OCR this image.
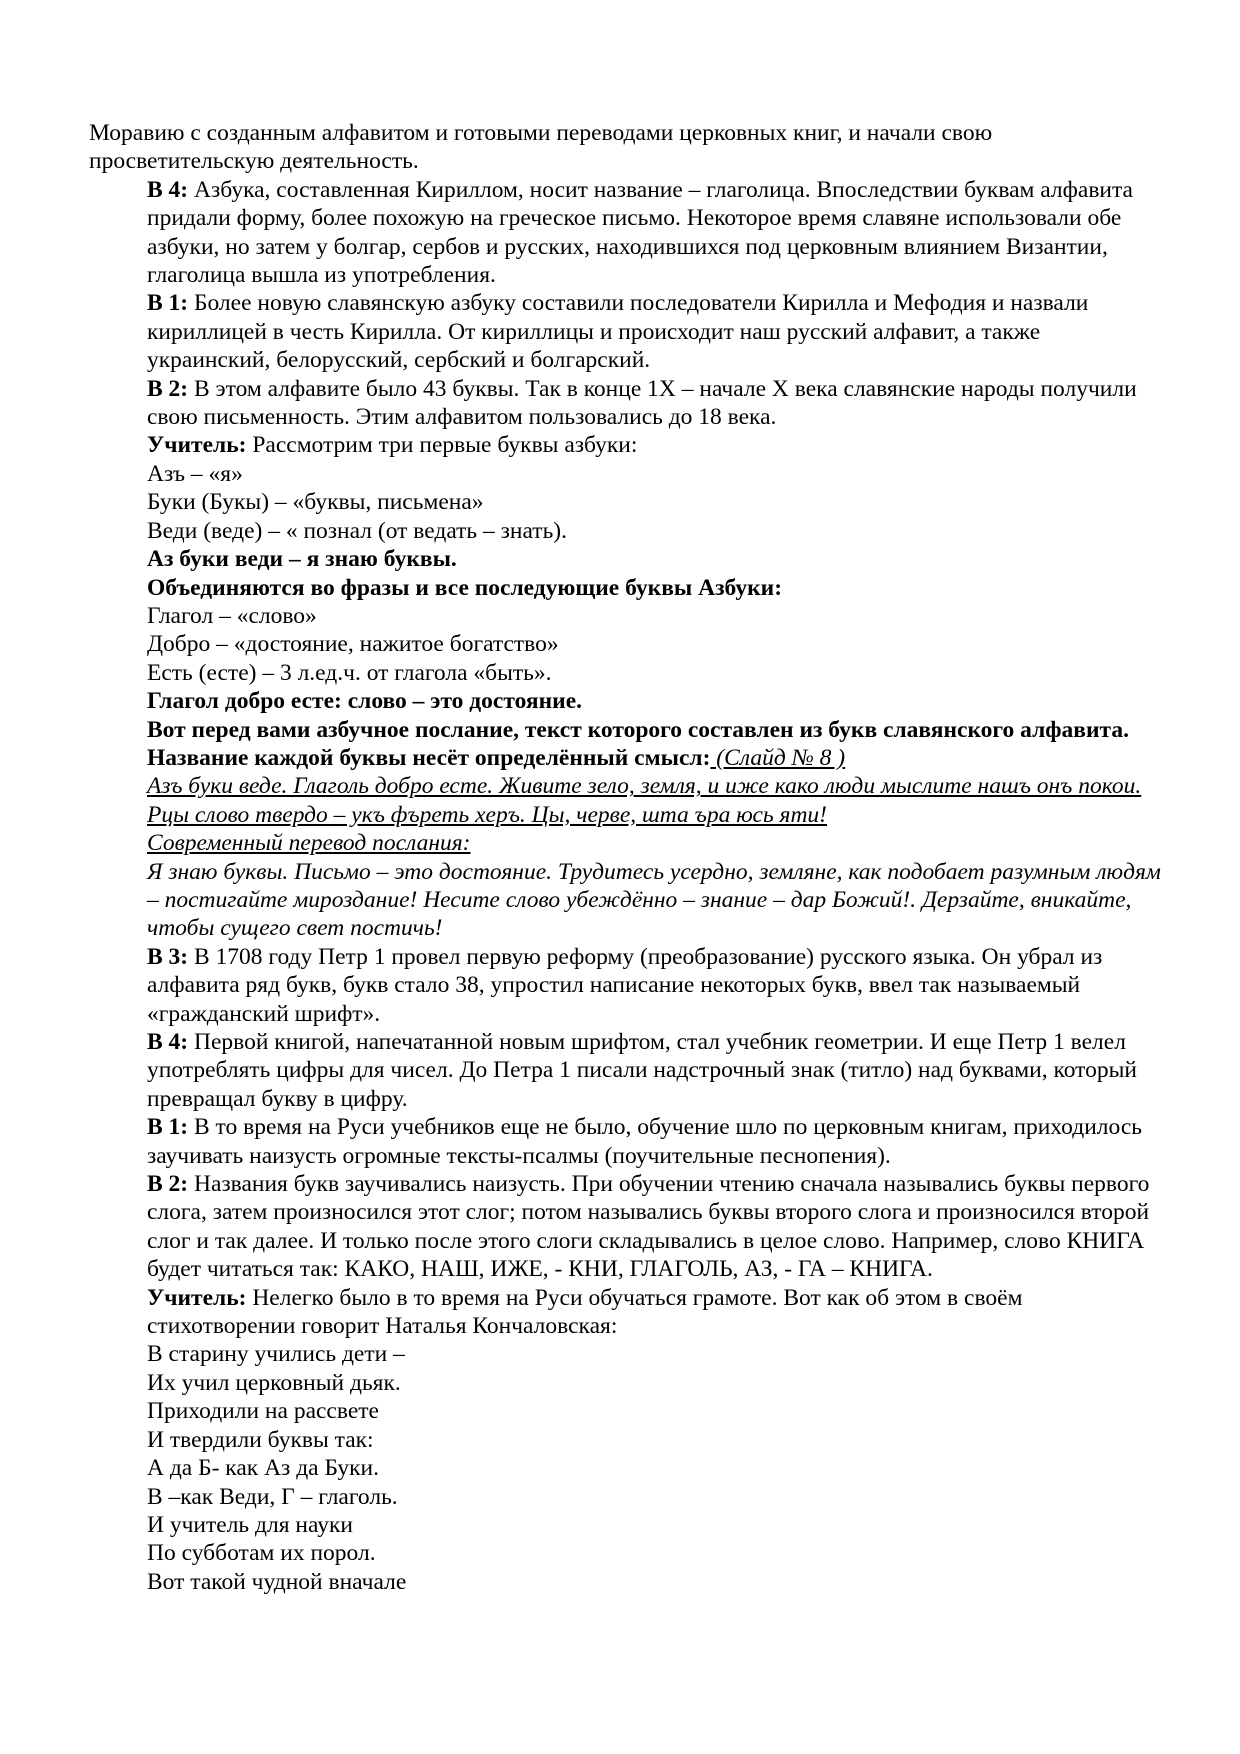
Моравию с созданным алфавитом и готовыми переводами церковных книг, и начали свою просветительскую деятельность.

В 4: Азбука, составленная Кириллом, носит название – глаголица. Впоследствии буквам алфавита придали форму, более похожую на греческое письмо. Некоторое время славяне использовали обе азбуки, но затем у болгар, сербов и русских, находившихся под церковным влиянием Византии, глаголица вышла из употребления.

В 1: Более новую славянскую азбуку составили последователи Кирилла и Мефодия и назвали кириллицей в честь Кирилла. От кириллицы и происходит наш русский алфавит, а также украинский, белорусский, сербский и болгарский.

В 2: В этом алфавите было 43 буквы. Так в конце 1Х – начале Х века славянские народы получили свою письменность. Этим алфавитом пользовались до 18 века.

Учитель: Рассмотрим три первые буквы азбуки:

Азъ – «я»

Буки (Букы) – «буквы, письмена»

Веди (веде) – « познал (от ведать – знать).

Аз буки веди – я знаю буквы.

Объединяются во фразы и все последующие буквы Азбуки:

Глагол – «слово»

Добро – «достояние, нажитое богатство»

Есть (есте) – 3 л.ед.ч. от глагола «быть».

Глагол добро есте: слово – это достояние.

Вот перед вами азбучное послание, текст которого составлен из букв славянского алфавита. Название каждой буквы несёт определённый смысл: (Слайд № 8 )

Азъ буки веде. Глаголь добро есте. Живите зело, земля, и иже како люди мыслите нашъ онъ покои. Рцы слово твердо – укъ фъреть херъ. Цы, черве, шта ъра юсь яти!

Современный перевод послания:

Я знаю буквы. Письмо – это достояние. Трудитесь усердно, земляне, как подобает разумным людям – постигайте мироздание! Несите слово убеждённо – знание – дар Божий!. Дерзайте, вникайте, чтобы сущего свет постичь!

В 3: В 1708 году Петр 1 провел первую реформу (преобразование) русского языка. Он убрал из алфавита ряд букв, букв стало 38, упростил написание некоторых букв, ввел так называемый «гражданский шрифт».

В 4: Первой книгой, напечатанной новым шрифтом, стал учебник геометрии. И еще Петр 1 велел употреблять цифры для чисел. До Петра 1 писали надстрочный знак (титло) над буквами, который превращал букву в цифру.

В 1: В то время на Руси учебников еще не было, обучение шло по церковным книгам, приходилось заучивать наизусть огромные тексты-псалмы (поучительные песнопения).

В 2: Названия букв заучивались наизусть. При обучении чтению сначала назывались буквы первого слога, затем произносился этот слог; потом назывались буквы второго слога и произносился второй слог и так далее. И только после этого слоги складывались в целое слово. Например, слово КНИГА будет читаться так: КАКО, НАШ, ИЖЕ, - КНИ, ГЛАГОЛЬ, АЗ, - ГА – КНИГА.

Учитель: Нелегко было в то время на Руси обучаться грамоте. Вот как об этом в своём стихотворении говорит Наталья Кончаловская:

В старину учились дети –

Их учил церковный дьяк.

Приходили на рассвете

И твердили буквы так:

А да Б- как Аз да Буки.

В –как Веди, Г – глаголь.

И учитель для науки

По субботам их порол.

Вот такой чудной вначале
